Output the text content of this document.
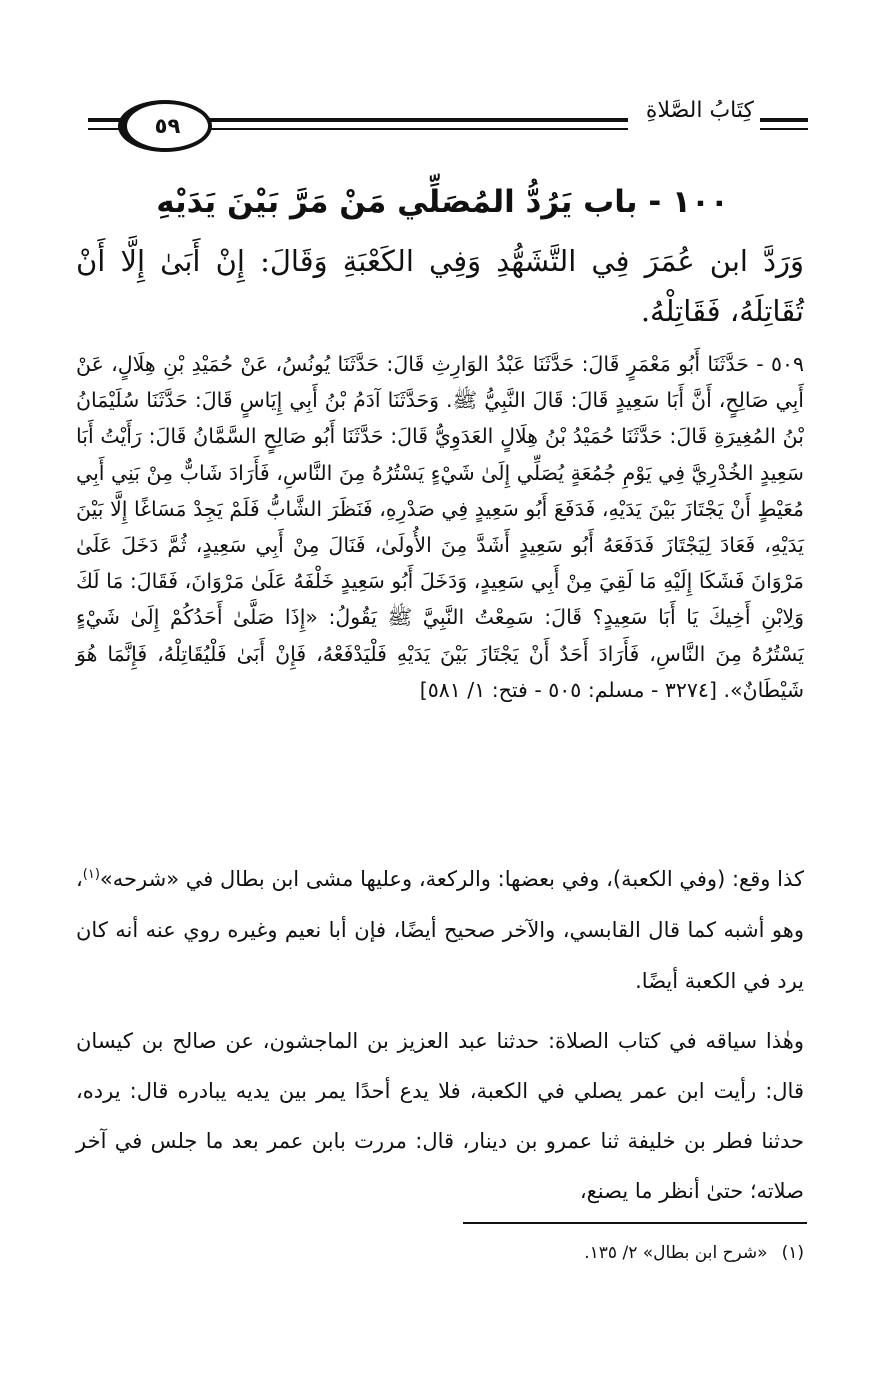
٥٩
كِتَابُ الصَّلاةِ
١٠٠ - باب يَرُدُّ المُصَلِّي مَنْ مَرَّ بَيْنَ يَدَيْهِ

وَرَدَّ ابن عُمَرَ فِي التَّشَهُّدِ وَفِي الكَعْبَةِ وَقَالَ: إِنْ أَبَىٰ إِلَّا أَنْ تُقَاتِلَهُ، فَقَاتِلْهُ.

٥٠٩ - حَدَّثَنَا أَبُو مَعْمَرٍ قَالَ: حَدَّثَنَا عَبْدُ الوَارِثِ قَالَ: حَدَّثَنَا يُونُسُ، عَنْ حُمَيْدِ بْنِ هِلَالٍ، عَنْ أَبِي صَالِحٍ، أَنَّ أَبَا سَعِيدٍ قَالَ: قَالَ النَّبِيُّ ﷺ. وَحَدَّثَنَا آدَمُ بْنُ أَبِي إِيَاسٍ قَالَ: حَدَّثَنَا سُلَيْمَانُ بْنُ المُغِيرَةِ قَالَ: حَدَّثَنَا حُمَيْدُ بْنُ هِلَالٍ العَدَوِيُّ قَالَ: حَدَّثَنَا أَبُو صَالِحٍ السَّمَّانُ قَالَ: رَأَيْتُ أَبَا سَعِيدٍ الخُدْرِيَّ فِي يَوْمِ جُمُعَةٍ يُصَلِّي إِلَىٰ شَيْءٍ يَسْتُرُهُ مِنَ النَّاسِ، فَأَرَادَ شَابٌّ مِنْ بَنِي أَبِي مُعَيْطٍ أَنْ يَجْتَازَ بَيْنَ يَدَيْهِ، فَدَفَعَ أَبُو سَعِيدٍ فِي صَدْرِهِ، فَنَظَرَ الشَّابُّ فَلَمْ يَجِدْ مَسَاغًا إِلَّا بَيْنَ يَدَيْهِ، فَعَادَ لِيَجْتَازَ فَدَفَعَهُ أَبُو سَعِيدٍ أَشَدَّ مِنَ الأُولَىٰ، فَنَالَ مِنْ أَبِي سَعِيدٍ، ثُمَّ دَخَلَ عَلَىٰ مَرْوَانَ فَشَكَا إِلَيْهِ مَا لَقِيَ مِنْ أَبِي سَعِيدٍ، وَدَخَلَ أَبُو سَعِيدٍ خَلْفَهُ عَلَىٰ مَرْوَانَ، فَقَالَ: مَا لَكَ وَلِابْنِ أَخِيكَ يَا أَبَا سَعِيدٍ؟ قَالَ: سَمِعْتُ النَّبِيَّ ﷺ يَقُولُ: «إِذَا صَلَّىٰ أَحَدُكُمْ إِلَىٰ شَيْءٍ يَسْتُرُهُ مِنَ النَّاسِ، فَأَرَادَ أَحَدٌ أَنْ يَجْتَازَ بَيْنَ يَدَيْهِ فَلْيَدْفَعْهُ، فَإِنْ أَبَىٰ فَلْيُقَاتِلْهُ، فَإِنَّمَا هُوَ شَيْطَانٌ». [٣٢٧٤ - مسلم: ٥٠٥ - فتح: ١/ ٥٨١]

كذا وقع: (وفي الكعبة)، وفي بعضها: والركعة، وعليها مشى ابن بطال في «شرحه»$^{(١)}$، وهو أشبه كما قال القابسي، والآخر صحيح أيضًا، فإن أبا نعيم وغيره روي عنه أنه كان يرد في الكعبة أيضًا.

وهٰذا سياقه في كتاب الصلاة: حدثنا عبد العزيز بن الماجشون، عن صالح بن كيسان قال: رأيت ابن عمر يصلي في الكعبة، فلا يدع أحدًا يمر بين يديه يبادره قال: يرده، حدثنا فطر بن خليفة ثنا عمرو بن دينار، قال: مررت بابن عمر بعد ما جلس في آخر صلاته؛ حتىٰ أنظر ما يصنع،

(١)«شرح ابن بطال» ٢/ ١٣٥.
